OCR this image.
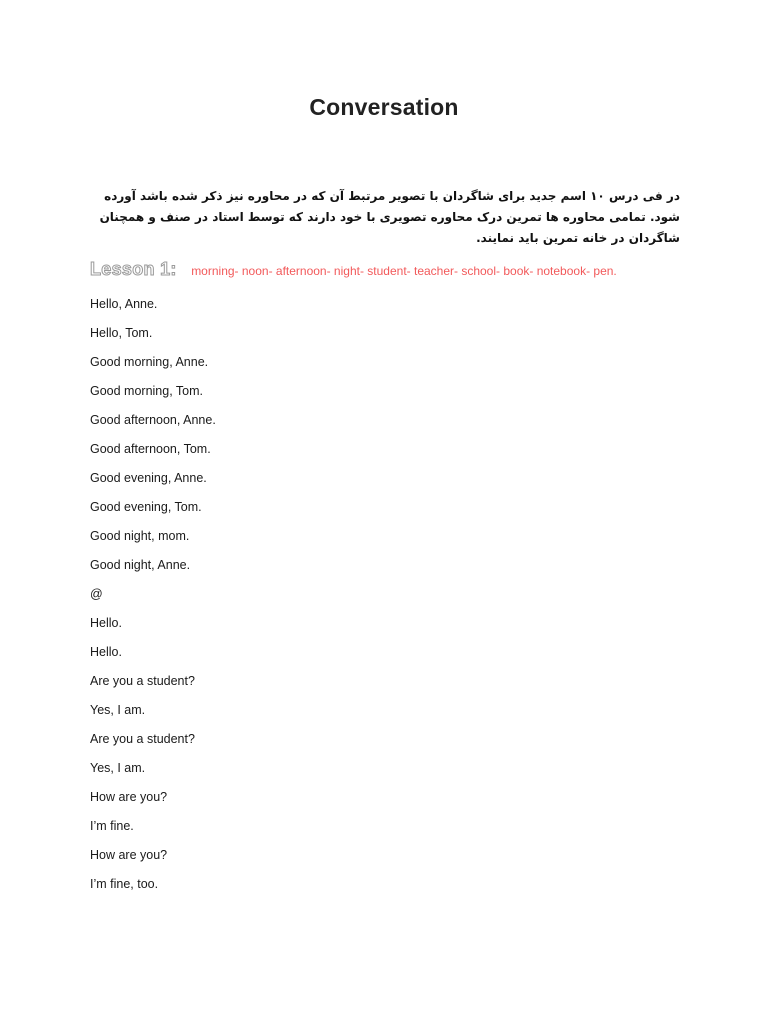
Conversation
در فی درس ۱۰ اسم جدید برای شاگردان با تصویر مرتبط آن که در محاوره نیز ذکر شده باشد آورده شود. تمامی محاوره ها تمرین درک محاوره تصویری با خود دارند که توسط استاد در صنف و همچنان شاگردان در خانه تمرین باید نمایند.
Lesson 1: morning- noon- afternoon- night- student- teacher- school- book- notebook- pen.
Hello, Anne.
Hello, Tom.
Good morning, Anne.
Good morning, Tom.
Good afternoon, Anne.
Good afternoon, Tom.
Good evening, Anne.
Good evening, Tom.
Good night, mom.
Good night, Anne.
@
Hello.
Hello.
Are you a student?
Yes, I am.
Are you a student?
Yes, I am.
How are you?
I’m fine.
How are you?
I’m fine, too.
